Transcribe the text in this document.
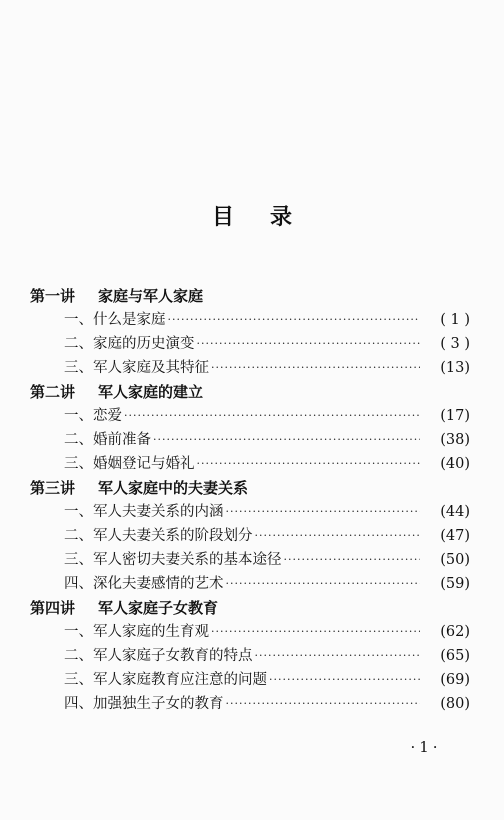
目录
第一讲	家庭与军人家庭
一、什么是家庭 ·····	( 1 )
二、家庭的历史演变 ·····	( 3 )
三、军人家庭及其特征 ·····	(13)
第二讲	军人家庭的建立
一、恋爱 ·····	(17)
二、婚前准备 ·····	(38)
三、婚姻登记与婚礼 ·····	(40)
第三讲	军人家庭中的夫妻关系
一、军人夫妻关系的内涵 ·····	(44)
二、军人夫妻关系的阶段划分 ·····	(47)
三、军人密切夫妻关系的基本途径 ·····	(50)
四、深化夫妻感情的艺术 ·····	(59)
第四讲	军人家庭子女教育
一、军人家庭的生育观 ·····	(62)
二、军人家庭子女教育的特点 ·····	(65)
三、军人家庭教育应注意的问题 ·····	(69)
四、加强独生子女的教育 ·····	(80)
·1·
